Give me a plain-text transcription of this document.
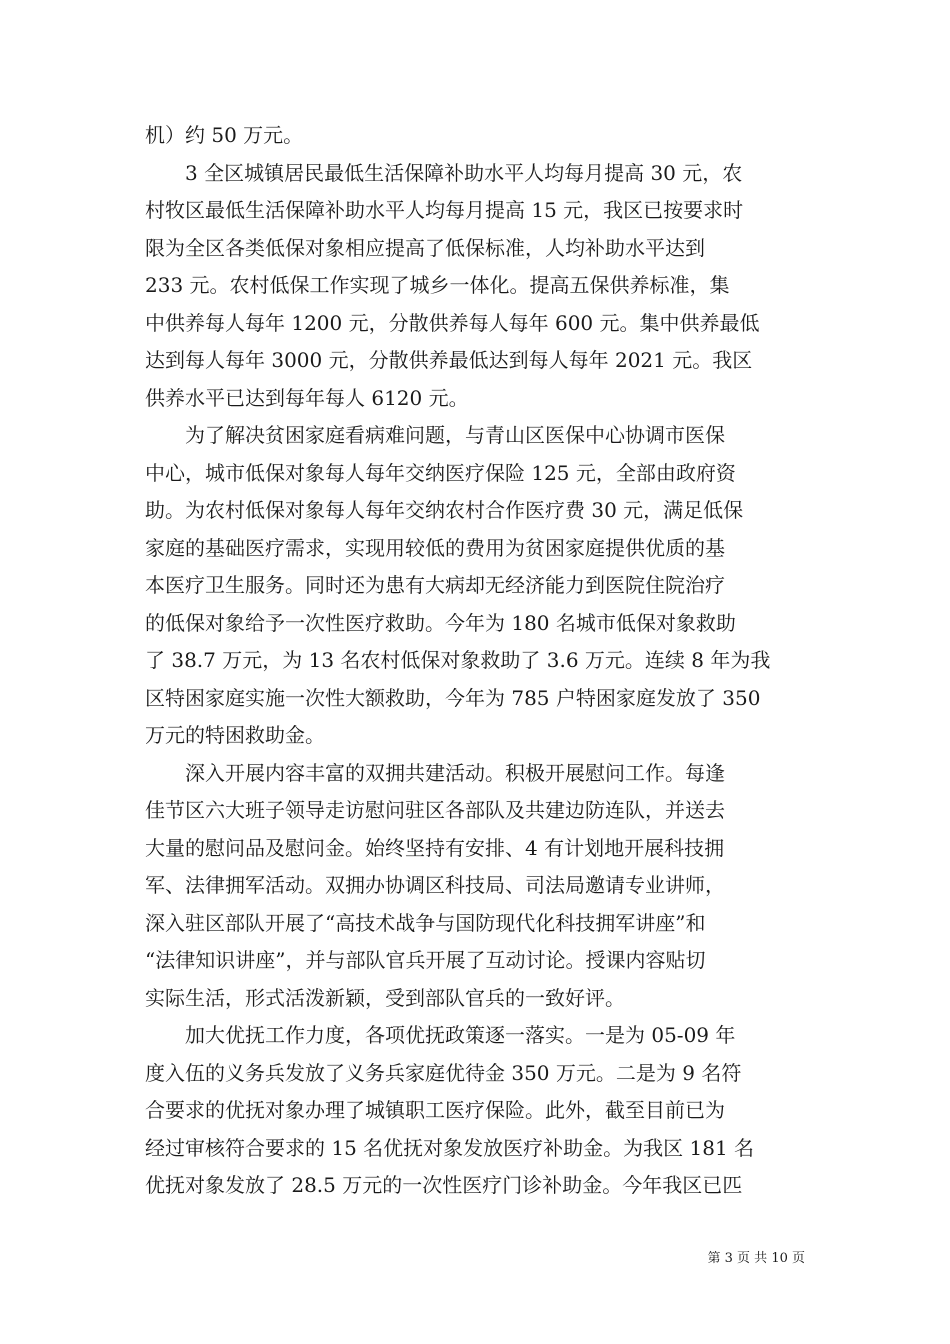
机）约 50 万元。
　　3 全区城镇居民最低生活保障补助水平人均每月提高 30 元，农
村牧区最低生活保障补助水平人均每月提高 15 元，我区已按要求时
限为全区各类低保对象相应提高了低保标准，人均补助水平达到
233 元。农村低保工作实现了城乡一体化。提高五保供养标准，集
中供养每人每年 1200 元，分散供养每人每年 600 元。集中供养最低
达到每人每年 3000 元，分散供养最低达到每人每年 2021 元。我区
供养水平已达到每年每人 6120 元。
　　为了解决贫困家庭看病难问题，与青山区医保中心协调市医保
中心，城市低保对象每人每年交纳医疗保险 125 元，全部由政府资
助。为农村低保对象每人每年交纳农村合作医疗费 30 元，满足低保
家庭的基础医疗需求，实现用较低的费用为贫困家庭提供优质的基
本医疗卫生服务。同时还为患有大病却无经济能力到医院住院治疗
的低保对象给予一次性医疗救助。今年为 180 名城市低保对象救助
了 38.7 万元，为 13 名农村低保对象救助了 3.6 万元。连续 8 年为我
区特困家庭实施一次性大额救助，今年为 785 户特困家庭发放了 350
万元的特困救助金。
　　深入开展内容丰富的双拥共建活动。积极开展慰问工作。每逢
佳节区六大班子领导走访慰问驻区各部队及共建边防连队，并送去
大量的慰问品及慰问金。始终坚持有安排、4 有计划地开展科技拥
军、法律拥军活动。双拥办协调区科技局、司法局邀请专业讲师，
深入驻区部队开展了“高技术战争与国防现代化科技拥军讲座”和
“法律知识讲座”，并与部队官兵开展了互动讨论。授课内容贴切
实际生活，形式活泼新颖，受到部队官兵的一致好评。
　　加大优抚工作力度，各项优抚政策逐一落实。一是为 05-09 年
度入伍的义务兵发放了义务兵家庭优待金 350 万元。二是为 9 名符
合要求的优抚对象办理了城镇职工医疗保险。此外，截至目前已为
经过审核符合要求的 15 名优抚对象发放医疗补助金。为我区 181 名
优抚对象发放了 28.5 万元的一次性医疗门诊补助金。今年我区已匹
第 3 页 共 10 页
